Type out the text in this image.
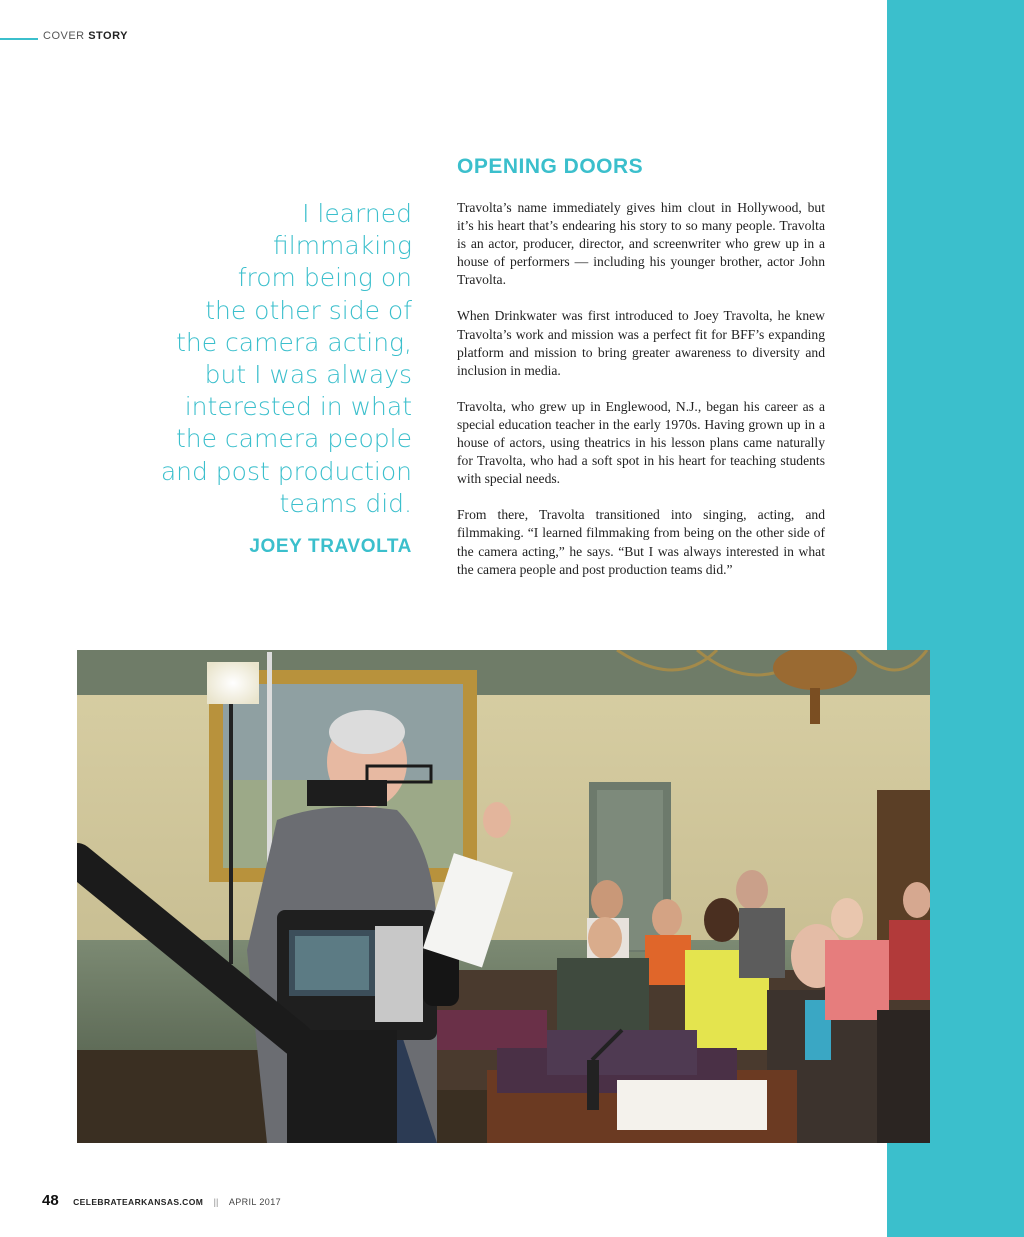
COVER STORY
I learned
filmmaking
from being on
the other side of
the camera acting,
but I was always
interested in what
the camera people
and post production
teams did.
JOEY TRAVOLTA
OPENING DOORS

Travolta’s name immediately gives him clout in Hollywood, but it’s his heart that’s endearing his story to so many people. Travolta is an actor, producer, director, and screenwriter who grew up in a house of performers — including his younger brother, actor John Travolta.

When Drinkwater was first introduced to Joey Travolta, he knew Travolta’s work and mission was a perfect fit for BFF’s expanding platform and mission to bring greater awareness to diversity and inclusion in media.

Travolta, who grew up in Englewood, N.J., began his career as a special education teacher in the early 1970s. Having grown up in a house of actors, using theatrics in his lesson plans came naturally for Travolta, who had a soft spot in his heart for teaching students with special needs.

From there, Travolta transitioned into singing, acting, and filmmaking. “I learned filmmaking from being on the other side of the camera acting,” he says. “But I was always interested in what the camera people and post production teams did.”

48 CELEBRATEARKANSAS.COM || APRIL 2017
